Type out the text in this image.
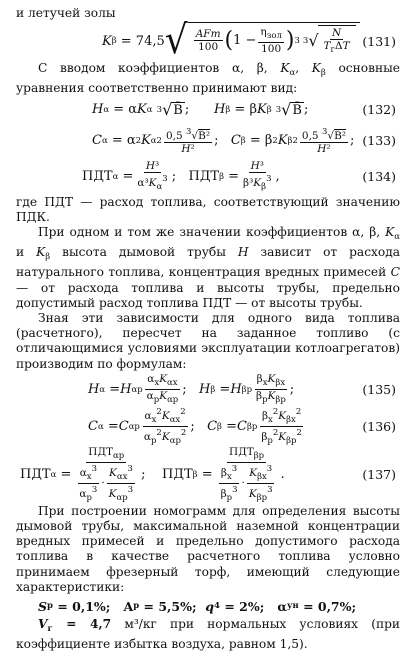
и летучей золы

K β = 74,5 √ $\frac{\text{AFm}}{100}$ ( $1 - \frac{\eta_{зол}}{100}$ ) 3 3 √ $\frac{N}{T_г\Delta T} (131)$

С вводом коэффициентов α, β, $K_\alpha$, $K_\beta$ основные уравнения соответственно принимают вид:

H α = α K α
3 √ B̄ ; H β = β K β
3 √ B̄ ;	(132)
C α = α 2 K α $2 \frac{0,5 ^3√B̄^2}{\text{H²}}$ ; C β = β 2 K β $2 \frac{0,5 ^3√B̄^2}{\text{H²}}$ ; (133)
ПДТ $\alpha = \frac{\text{H³}}{\alpha^3K_\alpha^3}$ ;   ПДТ $\beta = \frac{\text{H³}}{\beta^3K_\beta^3}$ ,	(134)

где ПДТ — расход топлива, соответствующий значению ПДК.

При одном и том же значении коэффициентов α, β, $K_\alpha$ и $K_\beta$ высота дымовой трубы H зависит от расхода натурального топлива, концентрация вредных примесей C — от расхода топлива и высоты трубы, предельно допустимый расход топлива ПДТ — от высоты трубы.

Зная эти зависимости для одного вида топлива (расчетного), пересчет на заданное топливо (с отличающимися условиями эксплуатации котлоагрегатов) производим по формулам:

H α = H αр $\frac{\alpha_xK_{\alpha x}}{\alpha_рK_{\alpha р}}$ ; H β = H βр $\frac{\beta_xK_{\beta x}}{\beta_рK_{\beta р}}$ ;	(135)
C α = C αр $\frac{\alpha_x^2K_{\alpha x}^2}{\alpha_р^2K_{\alpha р}^2}$ ; C β = C βр $\frac{\beta_x^2K_{\beta x}^2}{\beta_р^2K_{\beta р}^2}$	(136)
ПДТ $\alpha = \frac{ПДТ_{\alpha р}}{\frac{\alpha_x^3}{\alpha_р^3} \cdot \frac{K_{\alpha x}^3}{K_{\alpha р}^3}}$ ;    ПДТ $\beta = \frac{ПДТ_{\beta р}}{\frac{\beta_x^3}{\beta_р^3} \cdot \frac{K_{\beta x}^3}{K_{\beta р}^3}}$ .	(137)

При построении номограмм для определения высоты дымовой трубы, максимальной наземной концентрации вредных примесей и предельно допустимого расхода топлива в качестве расчетного топлива условно принимаем фрезерный торф, имеющий следующие характеристики:

S р
= 0,1%; A р
= 5,5%;
q 4
= 2%; α ун
= 0,7%;

$V_г = 4,7$ м³/кг при нормальных условиях (при коэффициенте избытка воздуха, равном 1,5).
